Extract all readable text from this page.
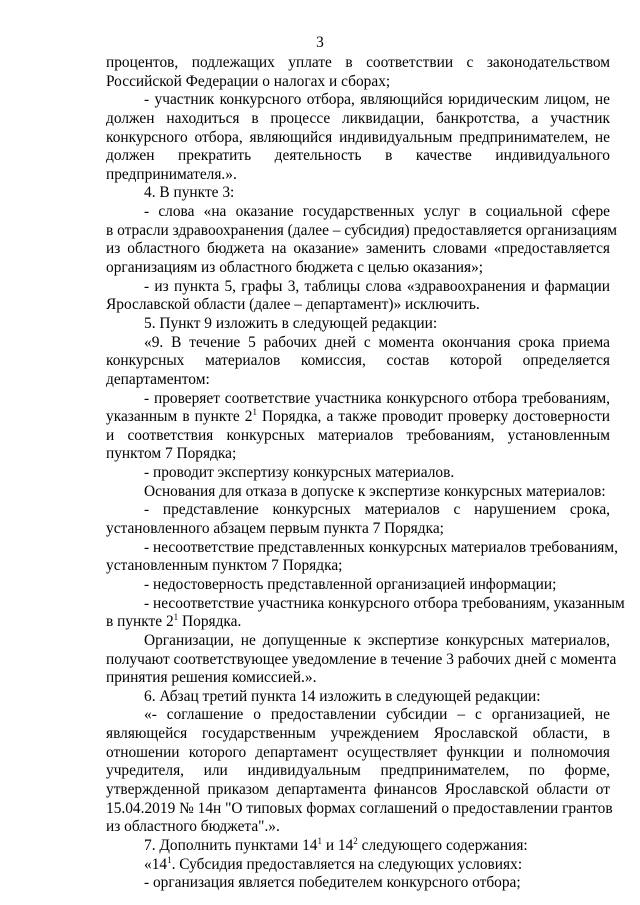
3
процентов, подлежащих уплате в соответствии с законодательством
Российской Федерации о налогах и сборах;
- участник конкурсного отбора, являющийся юридическим лицом, не
должен находиться в процессе ликвидации, банкротства, а участник
конкурсного отбора, являющийся индивидуальным предпринимателем, не
должен прекратить деятельность в качестве индивидуального
предпринимателя.».
4. В пункте 3:
- слова «на оказание государственных услуг в социальной сфере
в отрасли здравоохранения (далее – субсидия) предоставляется организациям
из областного бюджета на оказание» заменить словами «предоставляется
организациям из областного бюджета с целью оказания»;
- из пункта 5, графы 3, таблицы слова «здравоохранения и фармации
Ярославской области (далее – департамент)» исключить.
5. Пункт 9 изложить в следующей редакции:
«9. В течение 5 рабочих дней с момента окончания срока приема
конкурсных материалов комиссия, состав которой определяется
департаментом:
- проверяет соответствие участника конкурсного отбора требованиям,
указанным в пункте $2^1$ Порядка, а также проводит проверку достоверности
и соответствия конкурсных материалов требованиям, установленным
пунктом 7 Порядка;
- проводит экспертизу конкурсных материалов.
Основания для отказа в допуске к экспертизе конкурсных материалов:
- представление конкурсных материалов с нарушением срока,
установленного абзацем первым пункта 7 Порядка;
- несоответствие представленных конкурсных материалов требованиям,
установленным пунктом 7 Порядка;
- недостоверность представленной организацией информации;
- несоответствие участника конкурсного отбора требованиям, указанным
в пункте $2^1$ Порядка.
Организации, не допущенные к экспертизе конкурсных материалов,
получают соответствующее уведомление в течение 3 рабочих дней с момента
принятия решения комиссией.».
6. Абзац третий пункта 14 изложить в следующей редакции:
«- соглашение о предоставлении субсидии – с организацией, не
являющейся государственным учреждением Ярославской области, в
отношении которого департамент осуществляет функции и полномочия
учредителя, или индивидуальным предпринимателем, по форме,
утвержденной приказом департамента финансов Ярославской области от
15.04.2019 № 14н "О типовых формах соглашений о предоставлении грантов
из областного бюджета".».
7. Дополнить пунктами $14^1$ и $14^2$ следующего содержания:
«$14^1$. Субсидия предоставляется на следующих условиях:
- организация является победителем конкурсного отбора;
